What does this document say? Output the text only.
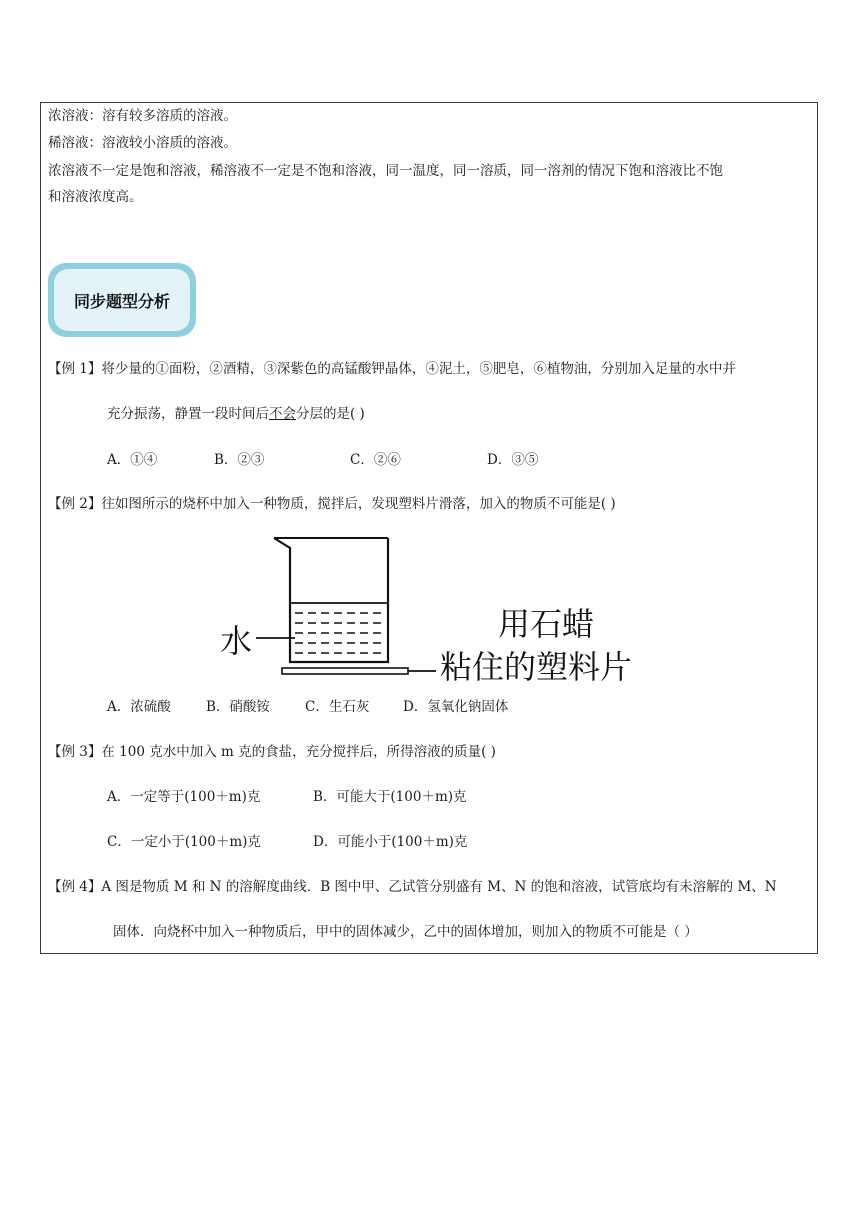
浓溶液：溶有较多溶质的溶液。
稀溶液：溶液较小溶质的溶液。
浓溶液不一定是饱和溶液，稀溶液不一定是不饱和溶液，同一温度，同一溶质，同一溶剂的情况下饱和溶液比不饱
和溶液浓度高。
同步题型分析
【例 1】将少量的①面粉，②酒精，③深紫色的高锰酸钾晶体，④泥土，⑤肥皂，⑥植物油，分别加入足量的水中并
充分振荡，静置一段时间后不会分层的是( )
A．①④	B．②③	C．②⑥	D．③⑤
【例 2】往如图所示的烧杯中加入一种物质，搅拌后，发现塑料片滑落，加入的物质不可能是( )
水	用石蜡
粘住的塑料片
A．浓硫酸	B．硝酸铵	C．生石灰 D．氢氧化钠固体
【例 3】在 100 克水中加入 m 克的食盐，充分搅拌后，所得溶液的质量( )
A．一定等于(100＋m)克	B．可能大于(100＋m)克
C．一定小于(100＋m)克	D．可能小于(100＋m)克
【例 4】A 图是物质 M 和 N 的溶解度曲线．B 图中甲、乙试管分别盛有 M、N 的饱和溶液，试管底均有未溶解的 M、N
固体．向烧杯中加入一种物质后，甲中的固体减少，乙中的固体增加，则加入的物质不可能是（ ）
